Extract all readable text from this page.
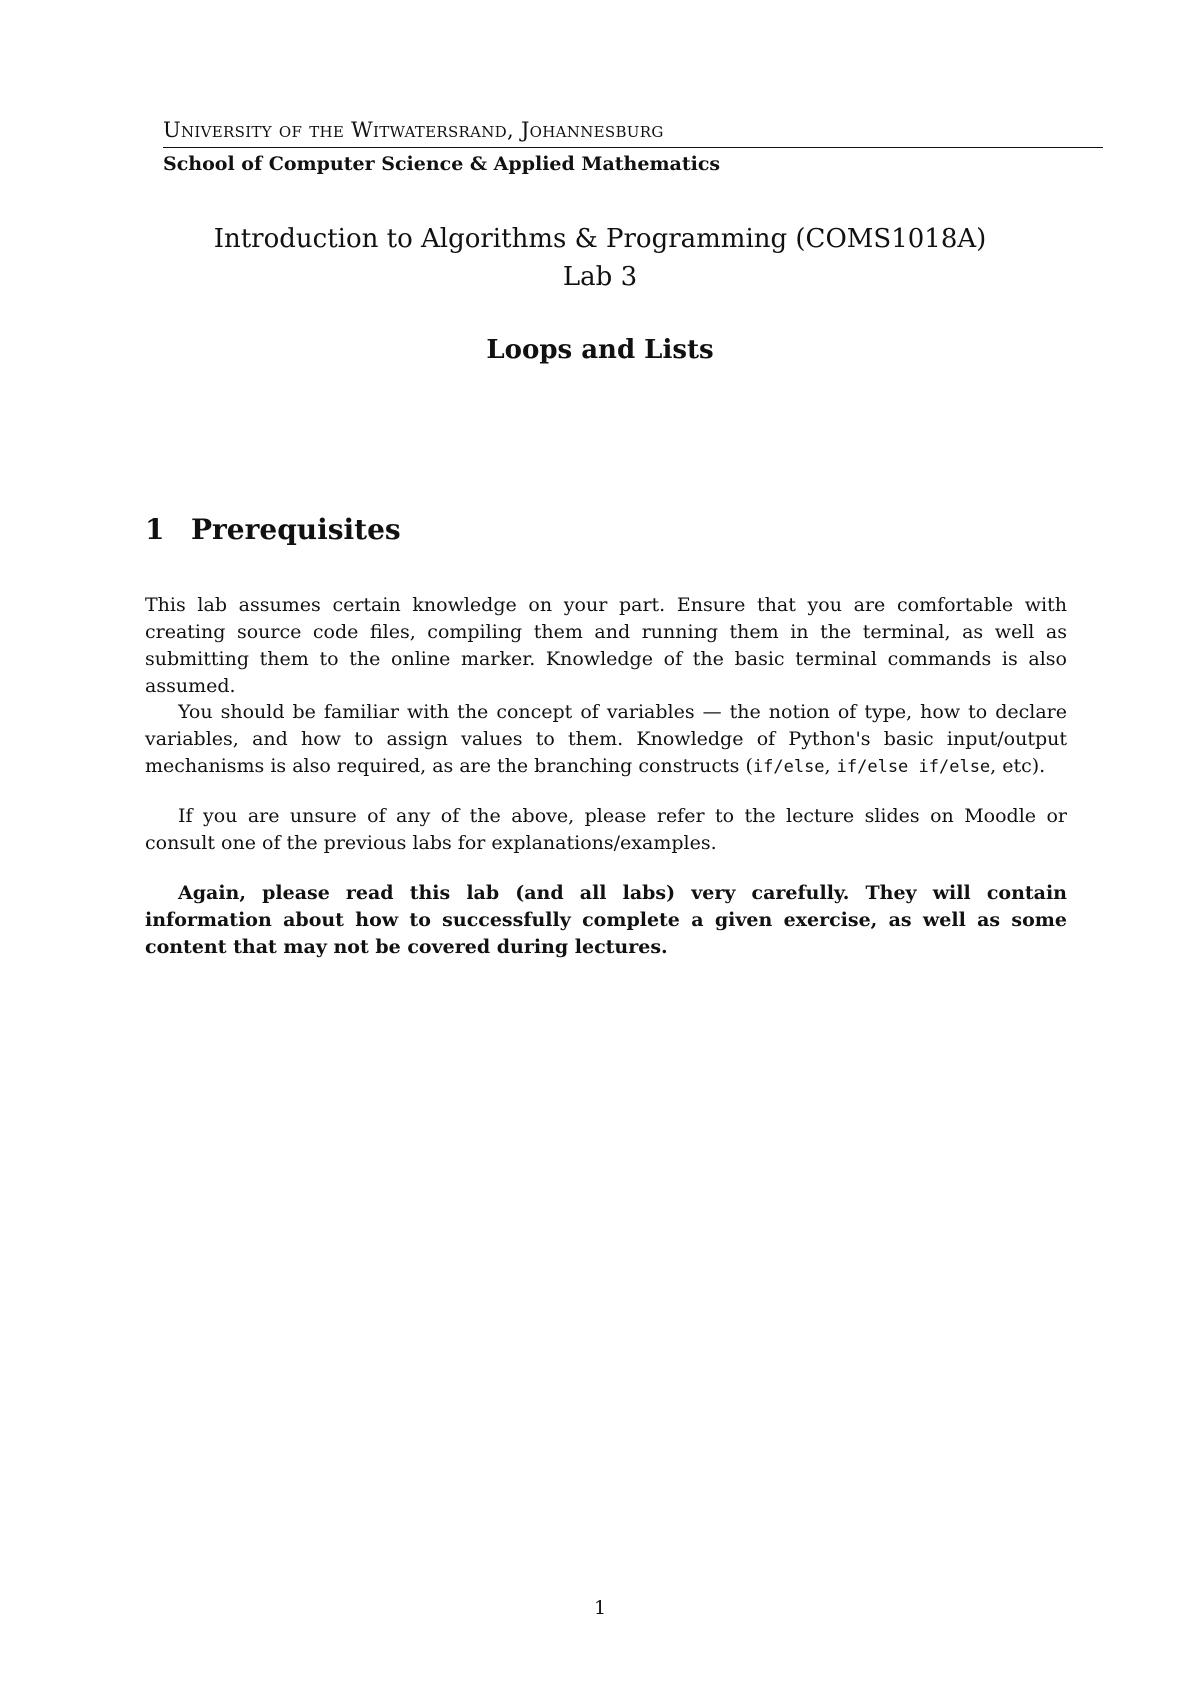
University of the Witwatersrand, Johannesburg
School of Computer Science & Applied Mathematics
Introduction to Algorithms & Programming (COMS1018A)
Lab 3
Loops and Lists
1 Prerequisites
This lab assumes certain knowledge on your part. Ensure that you are comfortable with creating source code files, compiling them and running them in the terminal, as well as submitting them to the online marker. Knowledge of the basic terminal commands is also assumed.
You should be familiar with the concept of variables — the notion of type, how to declare variables, and how to assign values to them. Knowledge of Python's basic input/output mechanisms is also required, as are the branching constructs (if/else, if/else if/else, etc).
If you are unsure of any of the above, please refer to the lecture slides on Moodle or consult one of the previous labs for explanations/examples.
Again, please read this lab (and all labs) very carefully. They will contain information about how to successfully complete a given exercise, as well as some content that may not be covered during lectures.
1
